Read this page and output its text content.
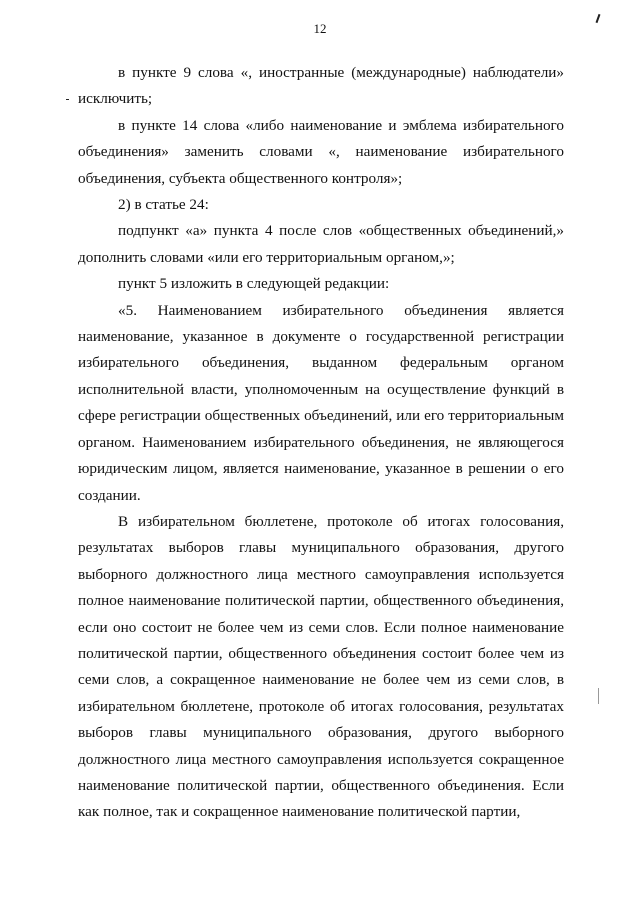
12

в пункте 9 слова «, иностранные (международные) наблюдатели» исключить;

в пункте 14 слова «либо наименование и эмблема избирательного объединения» заменить словами «, наименование избирательного объединения, субъекта общественного контроля»;

2) в статье 24:

подпункт «а» пункта 4 после слов «общественных объединений,» дополнить словами «или его территориальным органом,»;

пункт 5 изложить в следующей редакции:

«5. Наименованием избирательного объединения является наименование, указанное в документе о государственной регистрации избирательного объединения, выданном федеральным органом исполнительной власти, уполномоченным на осуществление функций в сфере регистрации общественных объединений, или его территориальным органом. Наименованием избирательного объединения, не являющегося юридическим лицом, является наименование, указанное в решении о его создании.

В избирательном бюллетене, протоколе об итогах голосования, результатах выборов главы муниципального образования, другого выборного должностного лица местного самоуправления используется полное наименование политической партии, общественного объединения, если оно состоит не более чем из семи слов. Если полное наименование политической партии, общественного объединения состоит более чем из семи слов, а сокращенное наименование не более чем из семи слов, в избирательном бюллетене, протоколе об итогах голосования, результатах выборов главы муниципального образования, другого выборного должностного лица местного самоуправления используется сокращенное наименование политической партии, общественного объединения. Если как полное, так и сокращенное наименование политической партии,
